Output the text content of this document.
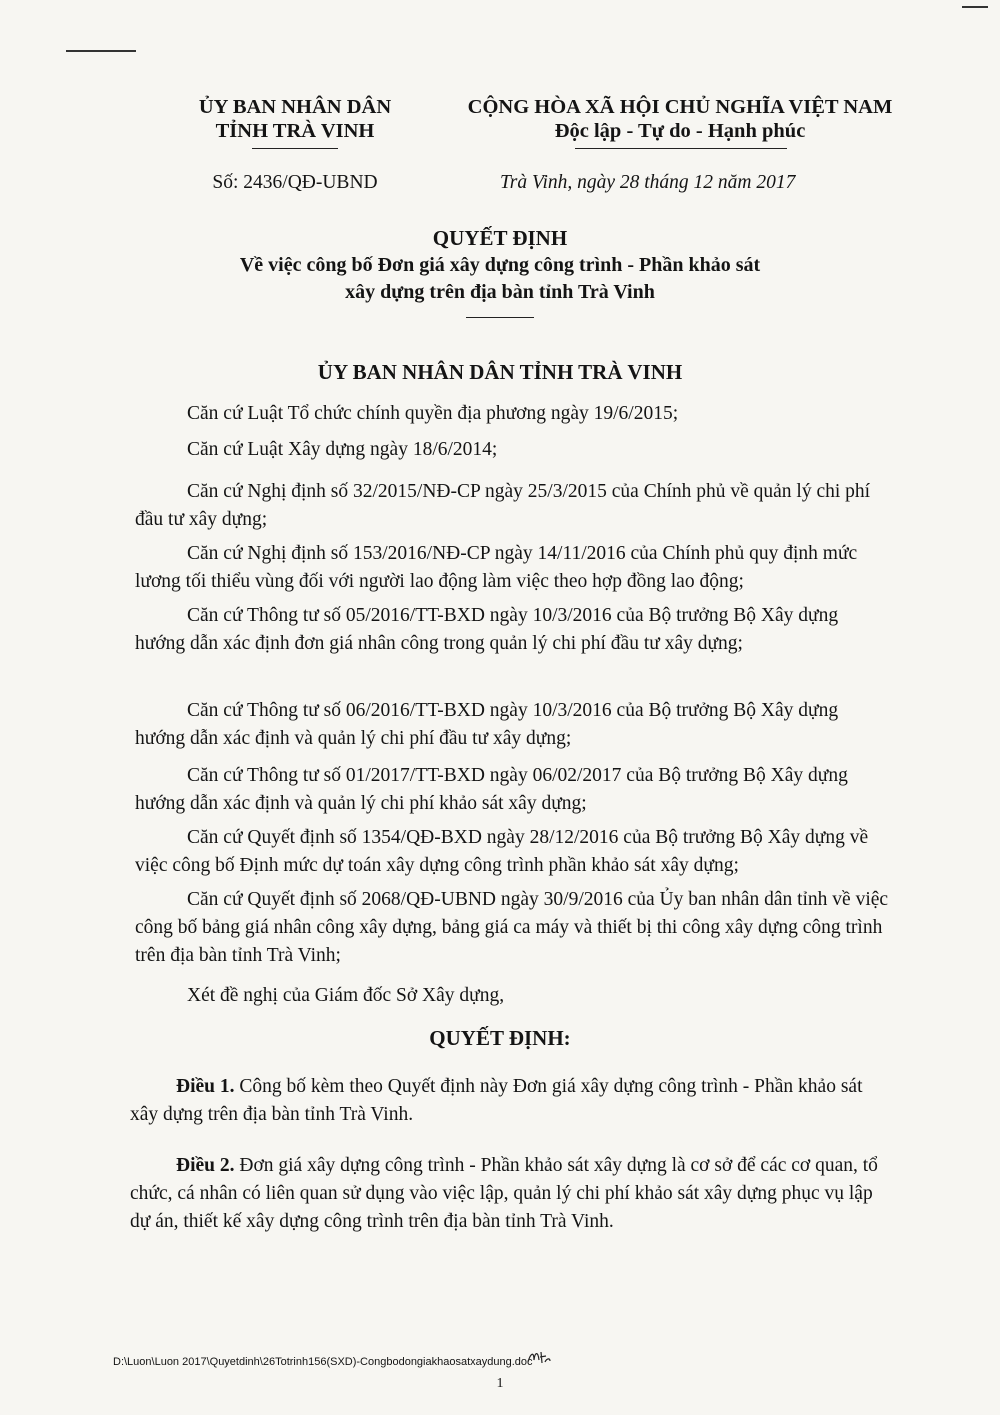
ỦY BAN NHÂN DÂN
TỈNH TRÀ VINH
Số: 2436/QĐ-UBND
CỘNG HÒA XÃ HỘI CHỦ NGHĨA VIỆT NAM
Độc lập - Tự do - Hạnh phúc
Trà Vinh, ngày 28 tháng 12 năm 2017
QUYẾT ĐỊNH
Về việc công bố Đơn giá xây dựng công trình - Phần khảo sát
xây dựng trên địa bàn tỉnh Trà Vinh
ỦY BAN NHÂN DÂN TỈNH TRÀ VINH
Căn cứ Luật Tổ chức chính quyền địa phương ngày 19/6/2015;
Căn cứ Luật Xây dựng ngày 18/6/2014;
Căn cứ Nghị định số 32/2015/NĐ-CP ngày 25/3/2015 của Chính phủ về quản lý chi phí đầu tư xây dựng;
Căn cứ Nghị định số 153/2016/NĐ-CP ngày 14/11/2016 của Chính phủ quy định mức lương tối thiểu vùng đối với người lao động làm việc theo hợp đồng lao động;
Căn cứ Thông tư số 05/2016/TT-BXD ngày 10/3/2016 của Bộ trưởng Bộ Xây dựng hướng dẫn xác định đơn giá nhân công trong quản lý chi phí đầu tư xây dựng;
Căn cứ Thông tư số 06/2016/TT-BXD ngày 10/3/2016 của Bộ trưởng Bộ Xây dựng hướng dẫn xác định và quản lý chi phí đầu tư xây dựng;
Căn cứ Thông tư số 01/2017/TT-BXD ngày 06/02/2017 của Bộ trưởng Bộ Xây dựng hướng dẫn xác định và quản lý chi phí khảo sát xây dựng;
Căn cứ Quyết định số 1354/QĐ-BXD ngày 28/12/2016 của Bộ trưởng Bộ Xây dựng về việc công bố Định mức dự toán xây dựng công trình phần khảo sát xây dựng;
Căn cứ Quyết định số 2068/QĐ-UBND ngày 30/9/2016 của Ủy ban nhân dân tỉnh về việc công bố bảng giá nhân công xây dựng, bảng giá ca máy và thiết bị thi công xây dựng công trình trên địa bàn tỉnh Trà Vinh;
Xét đề nghị của Giám đốc Sở Xây dựng,
QUYẾT ĐỊNH:
Điều 1. Công bố kèm theo Quyết định này Đơn giá xây dựng công trình - Phần khảo sát xây dựng trên địa bàn tỉnh Trà Vinh.
Điều 2. Đơn giá xây dựng công trình - Phần khảo sát xây dựng là cơ sở để các cơ quan, tổ chức, cá nhân có liên quan sử dụng vào việc lập, quản lý chi phí khảo sát xây dựng phục vụ lập dự án, thiết kế xây dựng công trình trên địa bàn tỉnh Trà Vinh.
D:\Luon\Luon 2017\Quyetdinh\26Totrinh156(SXD)-Congbodongiakhaosatxaydung.doc
1
